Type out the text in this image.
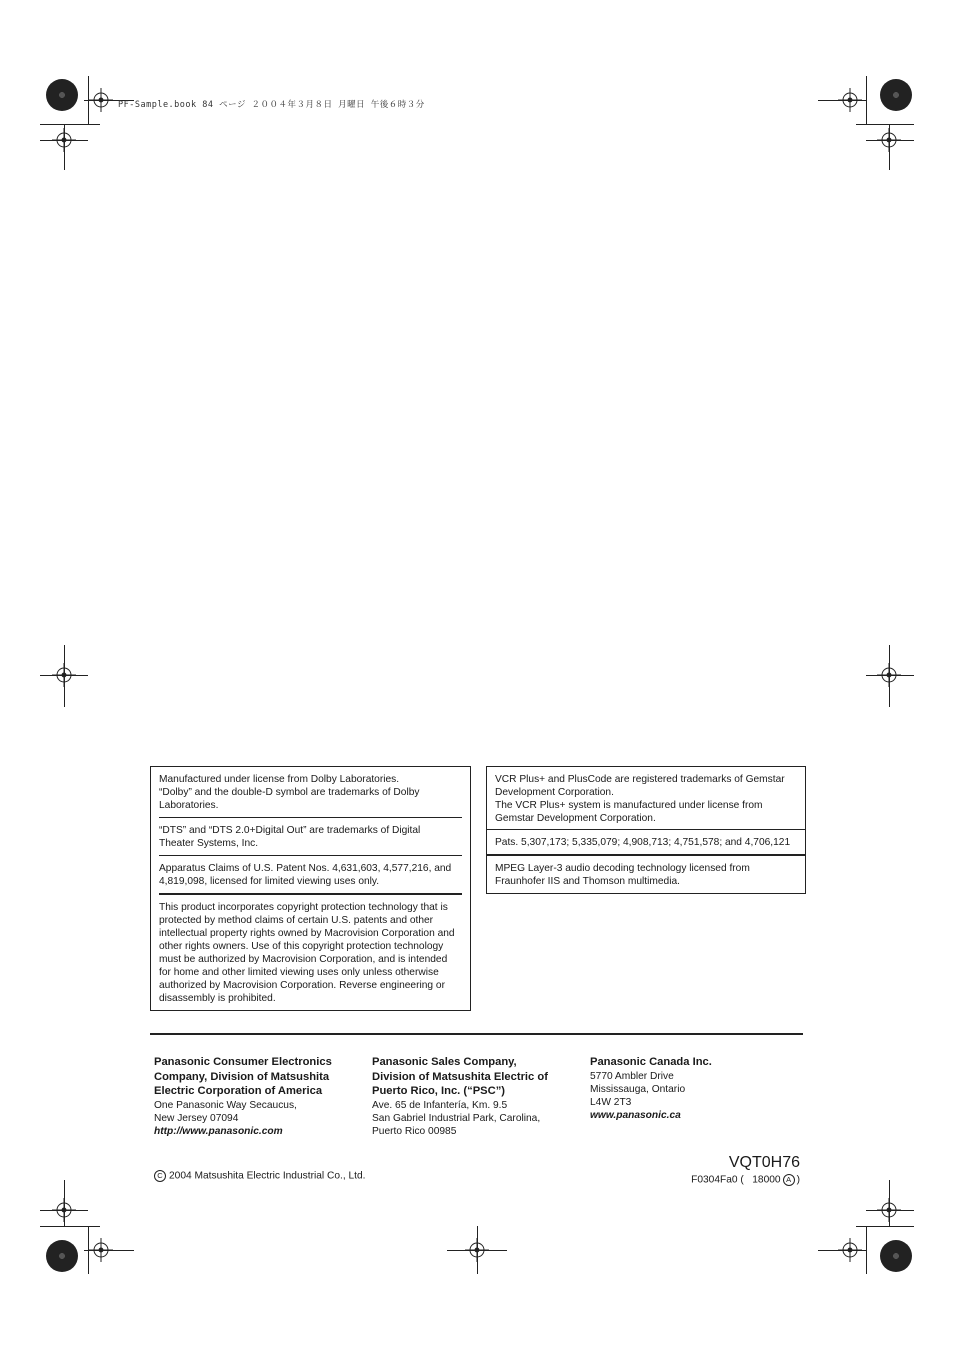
PF-Sample.book 84 ページ ２００４年３月８日 月曜日 午後６時３分

Manufactured under license from Dolby Laboratories.

“Dolby” and the double-D symbol are trademarks of Dolby

Laboratories.

“DTS” and “DTS 2.0+Digital Out” are trademarks of Digital

Theater Systems, Inc.

Apparatus Claims of U.S. Patent Nos. 4,631,603, 4,577,216, and

4,819,098, licensed for limited viewing uses only.

This product incorporates copyright protection technology that is

protected by method claims of certain U.S. patents and other

intellectual property rights owned by Macrovision Corporation and

other rights owners. Use of this copyright protection technology

must be authorized by Macrovision Corporation, and is intended

for home and other limited viewing uses only unless otherwise

authorized by Macrovision Corporation. Reverse engineering or

disassembly is prohibited.

VCR Plus+ and PlusCode are registered trademarks of Gemstar

Development Corporation.

The VCR Plus+ system is manufactured under license from

Gemstar Development Corporation.

Pats. 5,307,173; 5,335,079; 4,908,713; 4,751,578; and 4,706,121

MPEG Layer-3 audio decoding technology licensed from

Fraunhofer IIS and Thomson multimedia.

Panasonic Consumer Electronics

Company, Division of Matsushita

Electric Corporation of America

One Panasonic Way Secaucus,

New Jersey 07094

http://www.panasonic.com

Panasonic Sales Company,

Division of Matsushita Electric of

Puerto Rico, Inc. (“PSC”)

Ave. 65 de Infantería, Km. 9.5

San Gabriel Industrial Park, Carolina,

Puerto Rico 00985

Panasonic Canada Inc.

5770 Ambler Drive

Mississauga, Ontario

L4W 2T3

www.panasonic.ca

C 2004 Matsushita Electric Industrial Co., Ltd.
VQT0H76
F0304Fa0 (   18000 A )
